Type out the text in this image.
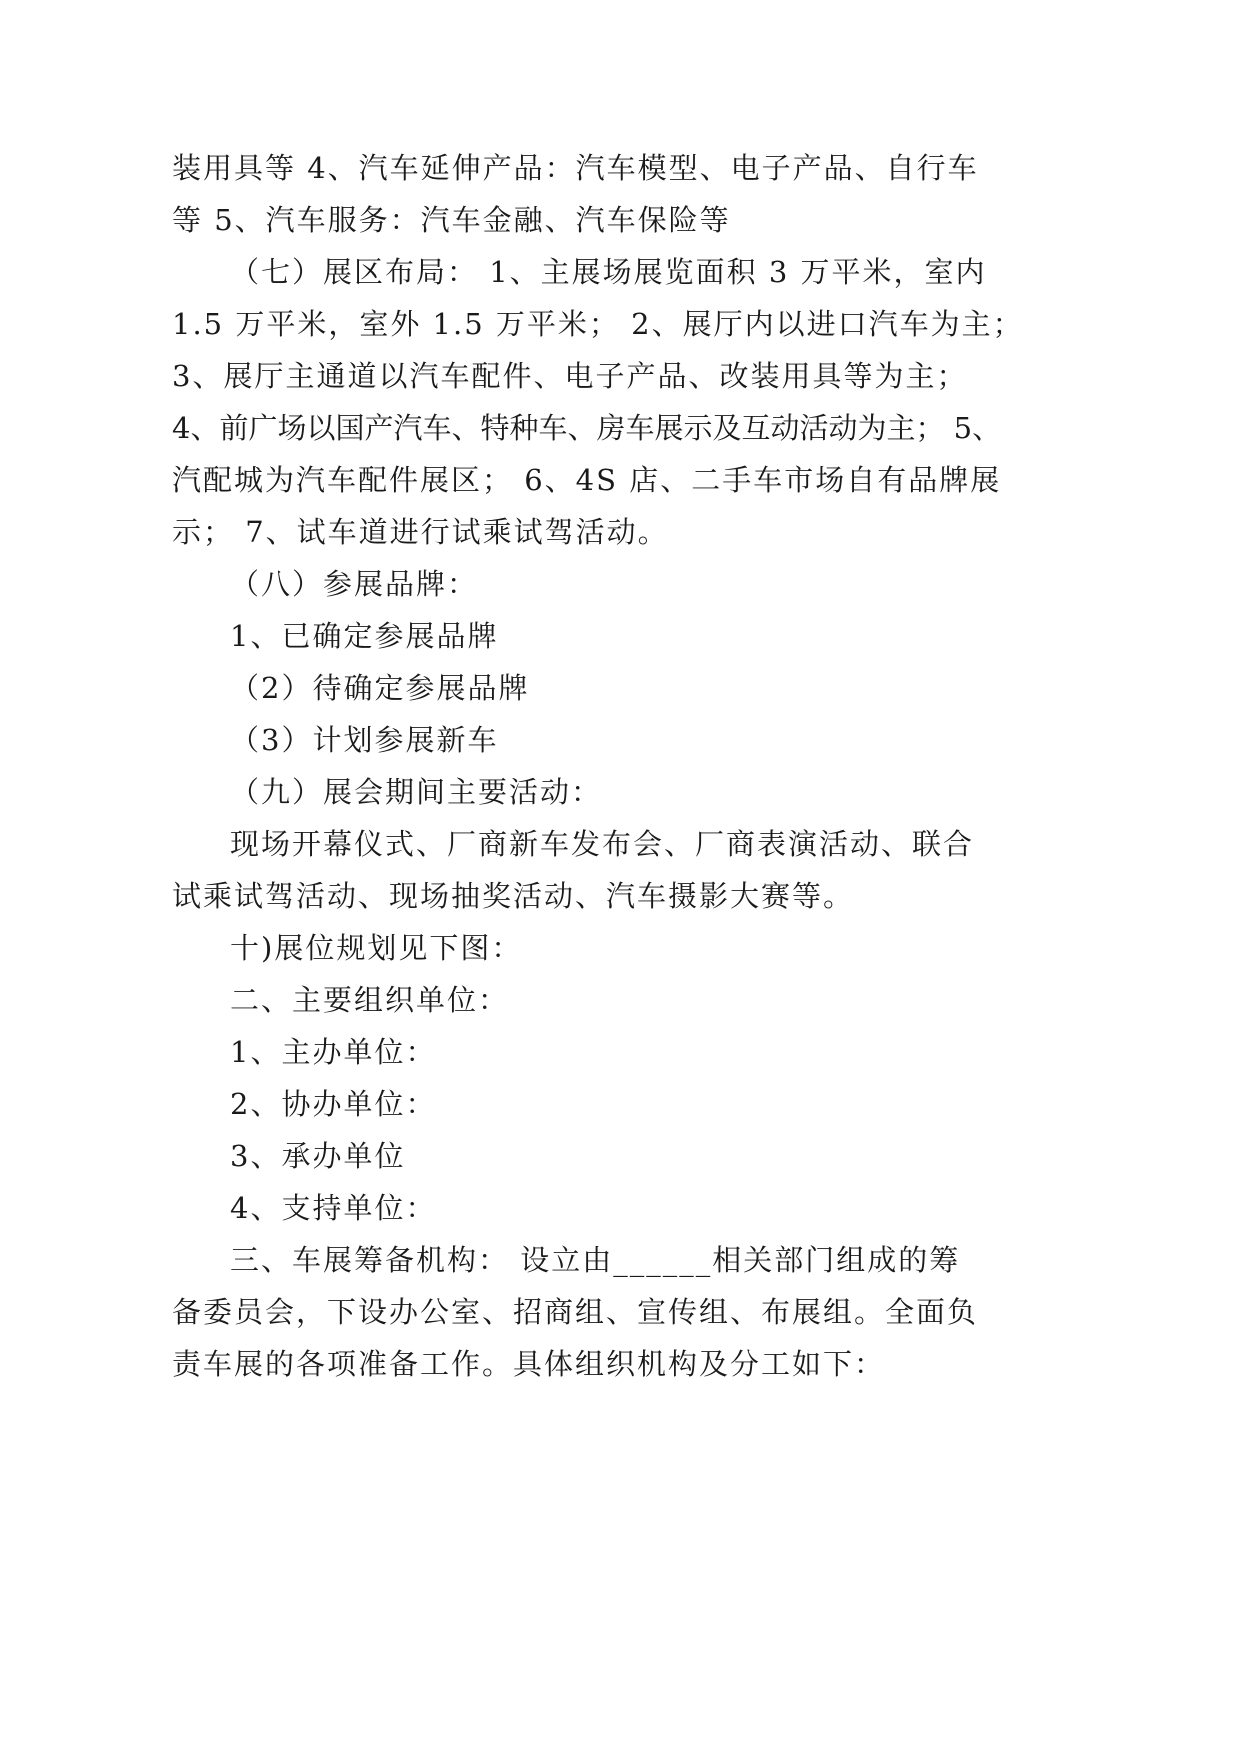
装用具等 4、汽车延伸产品：汽车模型、电子产品、自行车
等 5、汽车服务：汽车金融、汽车保险等
（七）展区布局： 1、主展场展览面积 3 万平米，室内
1.5 万平米，室外 1.5 万平米； 2、展厅内以进口汽车为主；
3、展厅主通道以汽车配件、电子产品、改装用具等为主；
4、前广场以国产汽车、特种车、房车展示及互动活动为主； 5、
汽配城为汽车配件展区； 6、4S 店、二手车市场自有品牌展
示； 7、试车道进行试乘试驾活动。
（八）参展品牌：
1、已确定参展品牌
（2）待确定参展品牌
（3）计划参展新车
（九）展会期间主要活动：
现场开幕仪式、厂商新车发布会、厂商表演活动、联合
试乘试驾活动、现场抽奖活动、汽车摄影大赛等。
十)展位规划见下图：
二、主要组织单位：
1、主办单位：
2、协办单位：
3、承办单位
4、支持单位：
三、车展筹备机构： 设立由______相关部门组成的筹
备委员会，下设办公室、招商组、宣传组、布展组。全面负
责车展的各项准备工作。具体组织机构及分工如下：
